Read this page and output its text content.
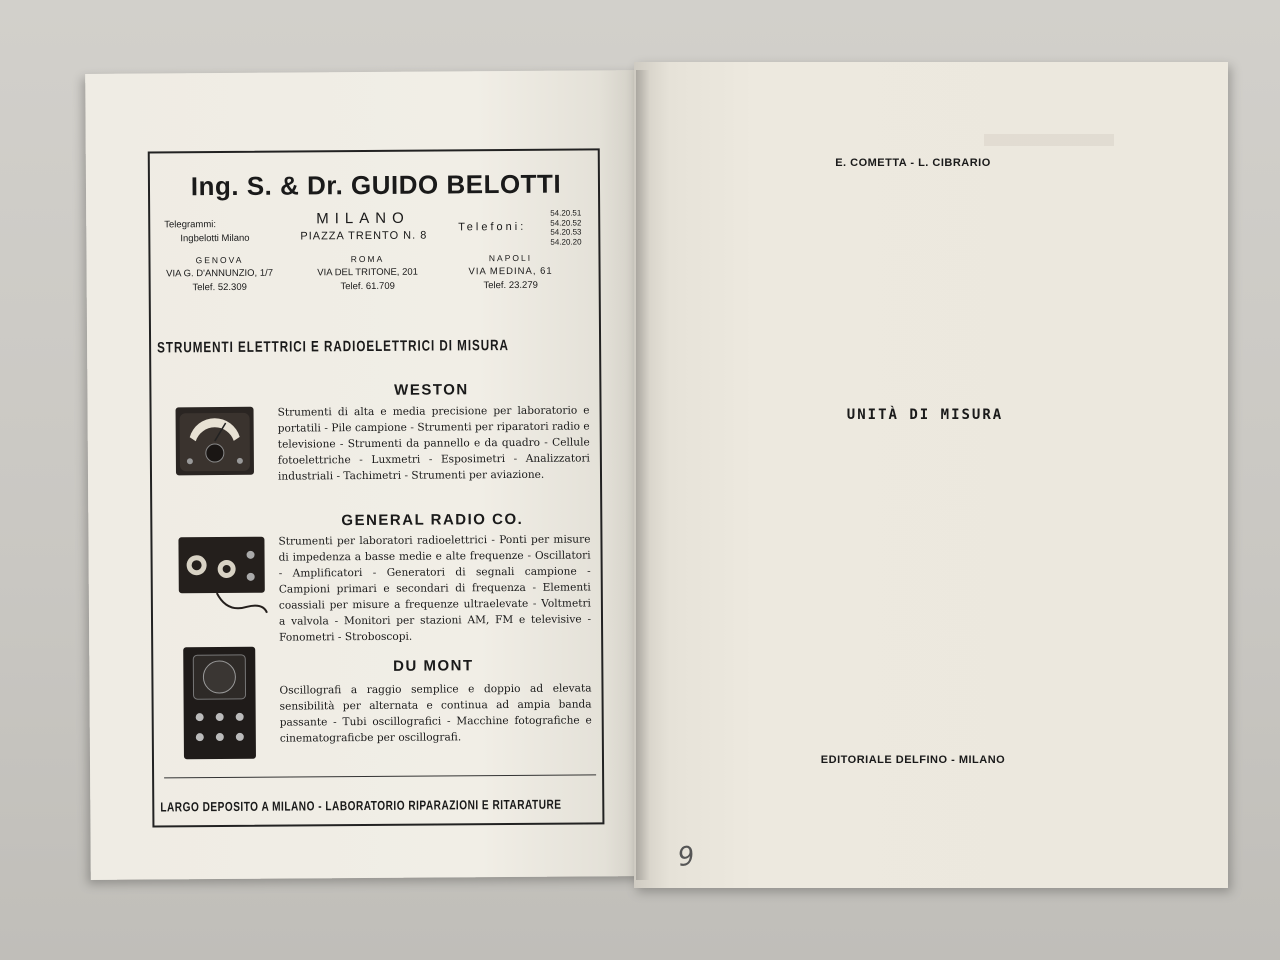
Ing. S. & Dr. GUIDO BELOTTI
Telegrammi:
Ingbelotti Milano
MILANO
PIAZZA TRENTO N. 8
Telefoni:
54.20.51
54.20.52
54.20.53
54.20.20
GENOVA
VIA G. D'ANNUNZIO, 1/7
Telef. 52.309
ROMA
VIA DEL TRITONE, 201
Telef. 61.709
NAPOLI
VIA MEDINA, 61
Telef. 23.279
STRUMENTI ELETTRICI E RADIOELETTRICI DI MISURA
WESTON
Strumenti di alta e media precisione per laboratorio e portatili - Pile campione - Strumenti per riparatori radio e televisione - Strumenti da pannello e da quadro - Cellule fotoelettriche - Luxmetri - Esposimetri - Analizzatori industriali - Tachimetri - Strumenti per aviazione.
GENERAL RADIO CO.
Strumenti per laboratori radioelettrici - Ponti per misure di impedenza a basse medie e alte frequenze - Oscillatori - Amplificatori - Generatori di segnali campione - Campioni primari e secondari di frequenza - Elementi coassiali per misure a frequenze ultraelevate - Voltmetri a valvola - Monitori per stazioni AM, FM e televisive - Fonometri - Stroboscopi.
DU MONT
Oscillografi a raggio semplice e doppio ad elevata sensibilità per alternata e continua ad ampia banda passante - Tubi oscillografici - Macchine fotografiche e cinematograficbe per oscillografi.
LARGO DEPOSITO A MILANO - LABORATORIO RIPARAZIONI E RITARATURE
E. COMETTA - L. CIBRARIO
UNITÀ DI MISURA
EDITORIALE DELFINO - MILANO
9
